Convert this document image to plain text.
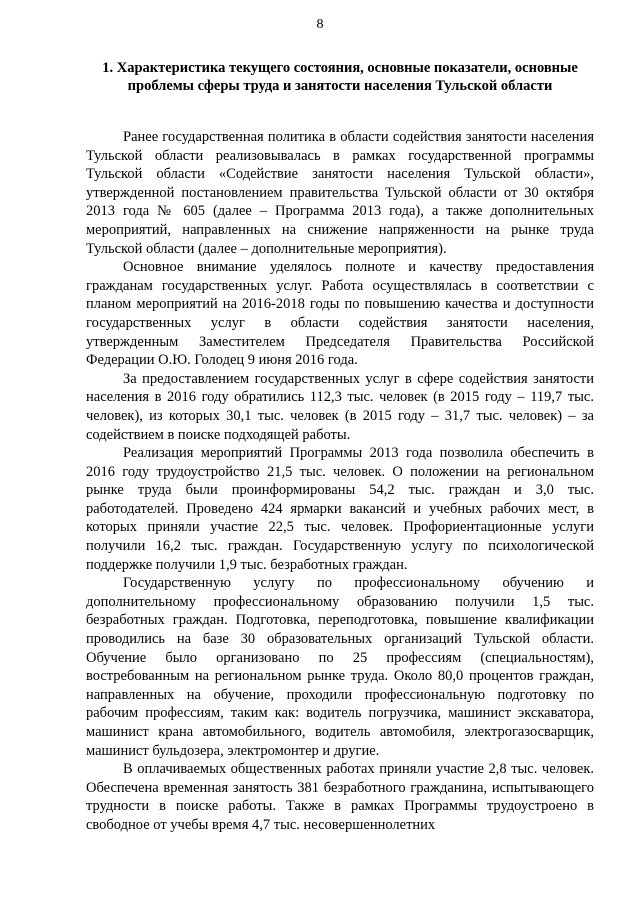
8
1. Характеристика текущего состояния, основные показатели, основные проблемы сферы труда и занятости населения Тульской области

Ранее государственная политика в области содействия занятости населения Тульской области реализовывалась в рамках государственной программы Тульской области «Содействие занятости населения Тульской области», утвержденной постановлением правительства Тульской области от 30 октября 2013 года № 605 (далее – Программа 2013 года), а также дополнительных мероприятий, направленных на снижение напряженности на рынке труда Тульской области (далее – дополнительные мероприятия).

Основное внимание уделялось полноте и качеству предоставления гражданам государственных услуг. Работа осуществлялась в соответствии с планом мероприятий на 2016-2018 годы по повышению качества и доступности государственных услуг в области содействия занятости населения, утвержденным Заместителем Председателя Правительства Российской Федерации О.Ю. Голодец 9 июня 2016 года.

За предоставлением государственных услуг в сфере содействия занятости населения в 2016 году обратились 112,3 тыс. человек (в 2015 году – 119,7 тыс. человек), из которых 30,1 тыс. человек (в 2015 году – 31,7 тыс. человек) – за содействием в поиске подходящей работы.

Реализация мероприятий Программы 2013 года позволила обеспечить в 2016 году трудоустройство 21,5 тыс. человек. О положении на региональном рынке труда были проинформированы 54,2 тыс. граждан и 3,0 тыс. работодателей. Проведено 424 ярмарки вакансий и учебных рабочих мест, в которых приняли участие 22,5 тыс. человек. Профориентационные услуги получили 16,2 тыс. граждан. Государственную услугу по психологической поддержке получили 1,9 тыс. безработных граждан.

Государственную услугу по профессиональному обучению и дополнительному профессиональному образованию получили 1,5 тыс. безработных граждан. Подготовка, переподготовка, повышение квалификации проводились на базе 30 образовательных организаций Тульской области. Обучение было организовано по 25 профессиям (специальностям), востребованным на региональном рынке труда. Около 80,0 процентов граждан, направленных на обучение, проходили профессиональную подготовку по рабочим профессиям, таким как: водитель погрузчика, машинист экскаватора, машинист крана автомобильного, водитель автомобиля, электрогазосварщик, машинист бульдозера, электромонтер и другие.

В оплачиваемых общественных работах приняли участие 2,8 тыс. человек. Обеспечена временная занятость 381 безработного гражданина, испытывающего трудности в поиске работы. Также в рамках Программы трудоустроено в свободное от учебы время 4,7 тыс. несовершеннолетних
